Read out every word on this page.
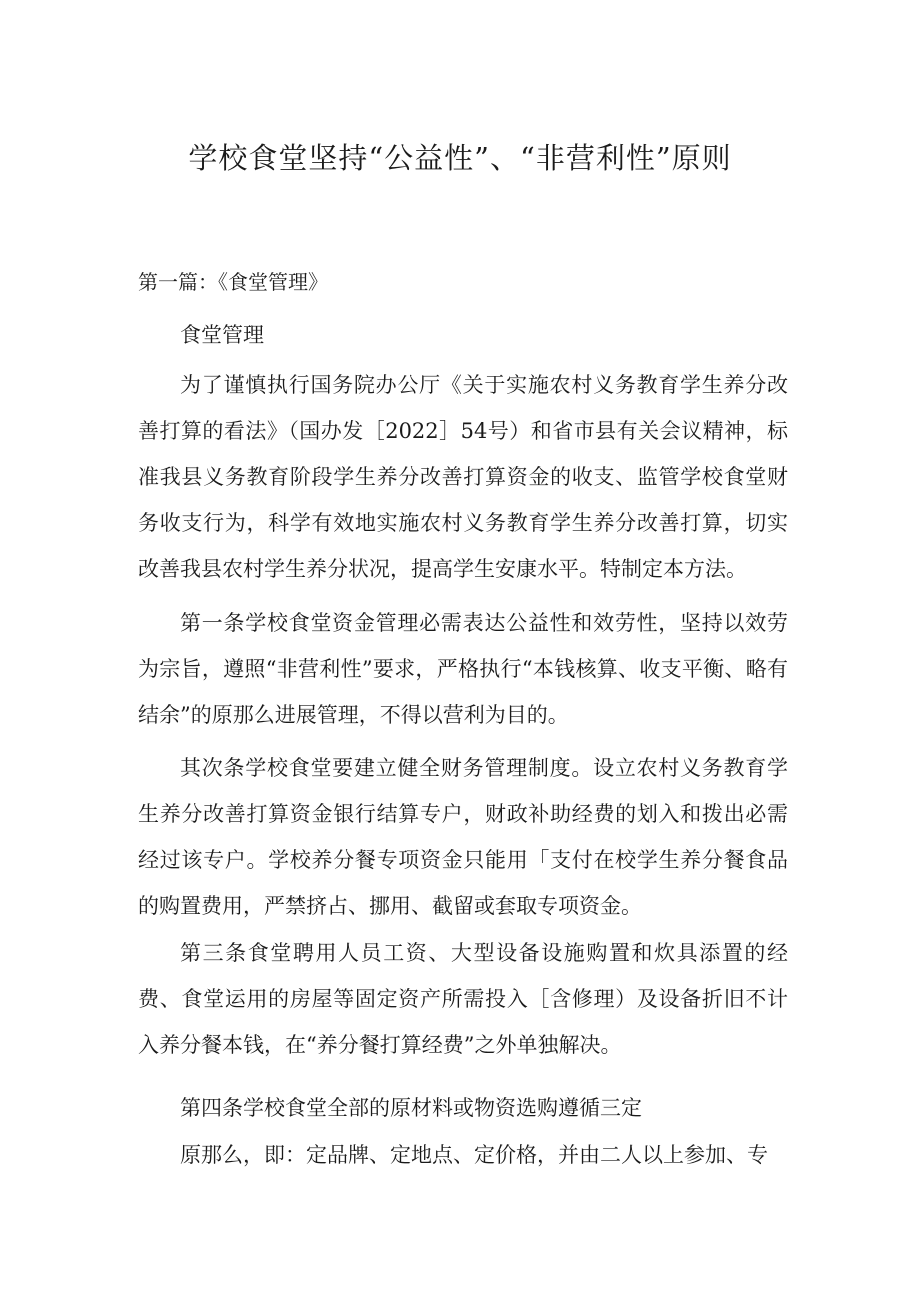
学校食堂坚持“公益性”、“非营利性”原则

第一篇：《食堂管理》

食堂管理

为了谨慎执行国务院办公厅《关于实施农村义务教育学生养分改善打算的看法》（国办发［2022］54号）和省市县有关会议精神，标准我县义务教育阶段学生养分改善打算资金的收支、监管学校食堂财务收支行为，科学有效地实施农村义务教育学生养分改善打算，切实改善我县农村学生养分状况，提高学生安康水平。特制定本方法。

第一条学校食堂资金管理必需表达公益性和效劳性，坚持以效劳为宗旨，遵照“非营利性”要求，严格执行“本钱核算、收支平衡、略有结余”的原那么进展管理，不得以营利为目的。

其次条学校食堂要建立健全财务管理制度。设立农村义务教育学生养分改善打算资金银行结算专户，财政补助经费的划入和拨出必需经过该专户。学校养分餐专项资金只能用「支付在校学生养分餐食品的购置费用，严禁挤占、挪用、截留或套取专项资金。

第三条食堂聘用人员工资、大型设备设施购置和炊具添置的经费、食堂运用的房屋等固定资产所需投入［含修理）及设备折旧不计入养分餐本钱，在“养分餐打算经费”之外单独解决。

第四条学校食堂全部的原材料或物资选购遵循三定

原那么，即：定品牌、定地点、定价格，并由二人以上参加、专
